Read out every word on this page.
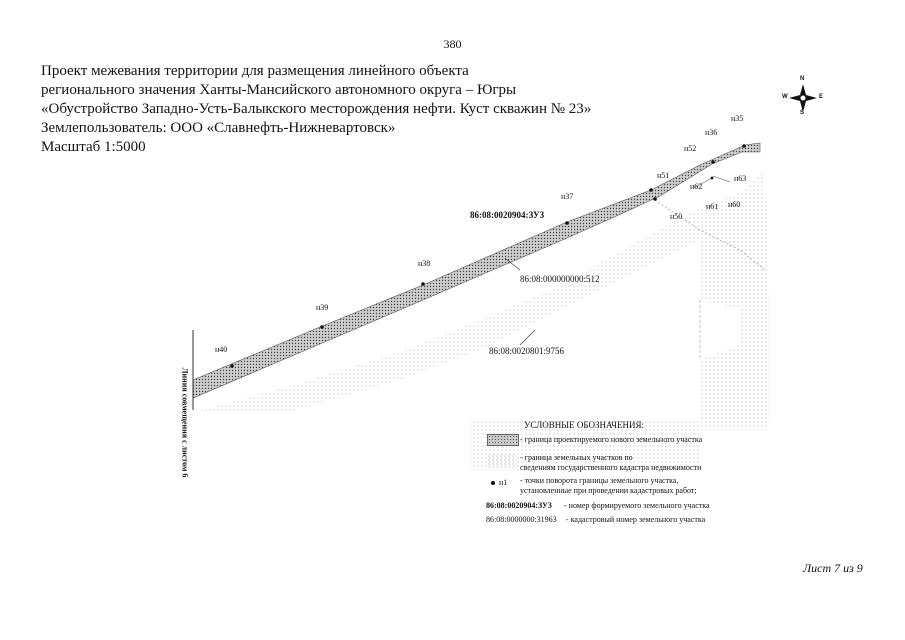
380
Проект межевания территории для размещения линейного объекта
регионального значения Ханты-Мансийского автономного округа – Югры
«Обустройство Западно-Усть-Балыкского месторождения нефти. Куст скважин № 23»
Землепользователь: ООО «Славнефть-Нижневартовск»
Масштаб 1:5000
N
S
W	E
н35
н36
н52
н51
н50
н63
н62
н61 н60
н37
н38
н39
н40
86:08:0020904:ЗУ3
86:08:000000000:512
86:08:0020801:9756
Линия совмещения с листом 6	УСЛОВНЫЕ ОБОЗНАЧЕНИЯ:
- граница проектируемого нового земельного участка
- граница земельных участков по
сведениям государственного кадастра недвижимости
н1 - точки поворота границы земельного участка,
установленные при проведении кадастровых работ;
86:08:0020904:ЗУ3 - номер формируемого земельного участка
86:08:0000000:31963 - кадастровый номер земельного участка
Лист 7 из 9
